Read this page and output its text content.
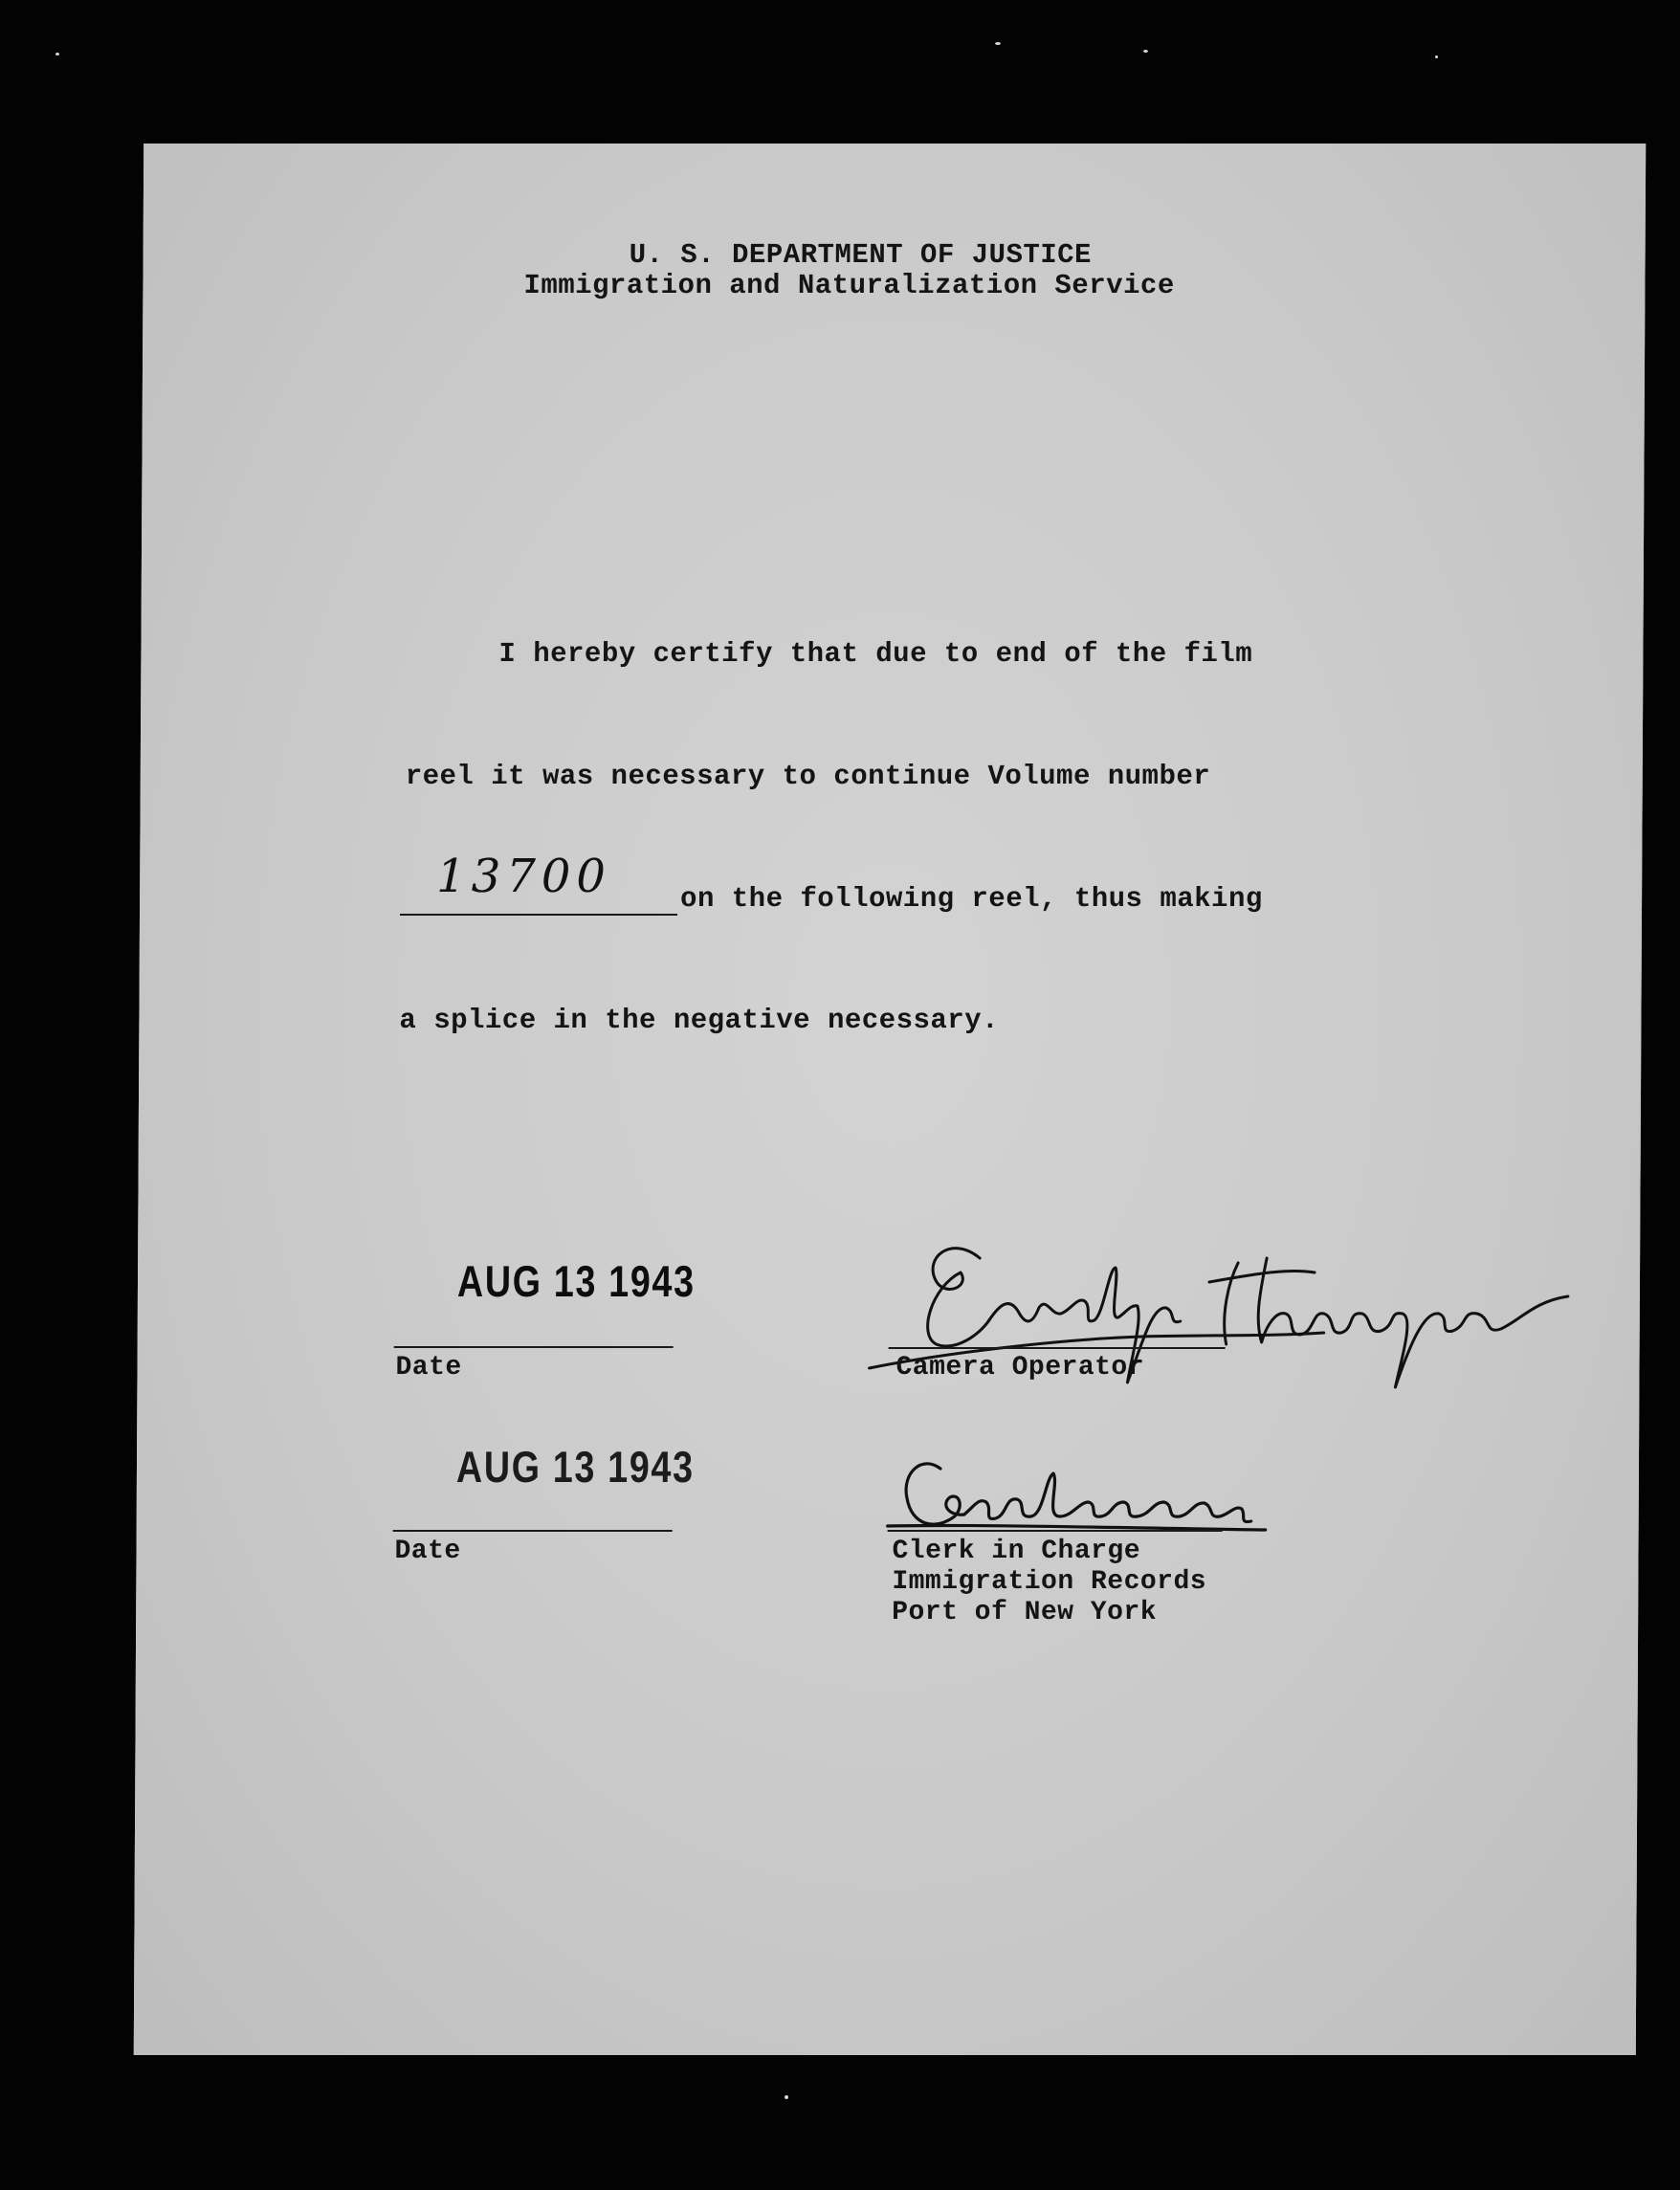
U. S. DEPARTMENT OF JUSTICE
Immigration and Naturalization Service
I hereby certify that due to end of the film
reel it was necessary to continue Volume number
13700 on the following reel, thus making
a splice in the negative necessary.
AUG 13 1943
Date	Camera Operator
AUG 13 1943
Date	Clerk in Charge
Immigration Records
Port of New York
